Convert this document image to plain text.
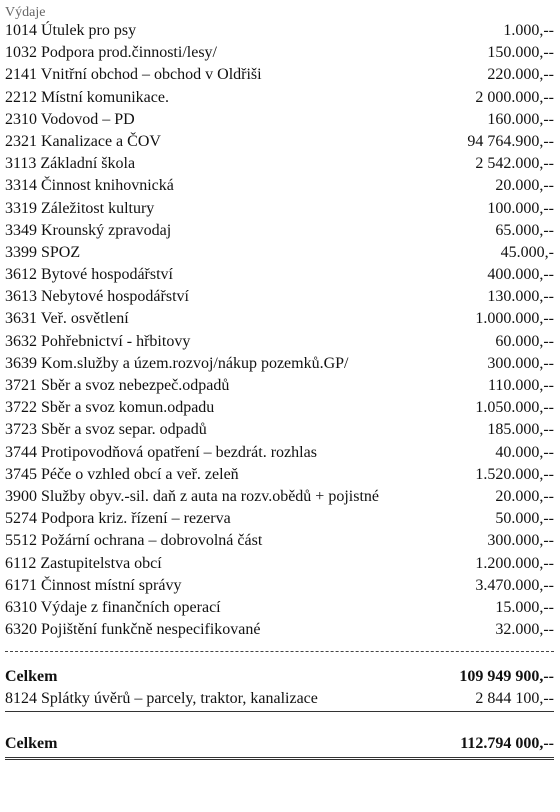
Výdaje
1014 Útulek pro psy	1.000,--
1032 Podpora prod.činnosti/lesy/	150.000,--
2141 Vnitřní obchod – obchod v Oldřiši	220.000,--
2212 Místní komunikace.	2 000.000,--
2310 Vodovod – PD	160.000,--
2321 Kanalizace a ČOV	94 764.900,--
3113 Základní škola	2 542.000,--
3314 Činnost knihovnická	20.000,--
3319 Záležitost kultury	100.000,--
3349 Krounský zpravodaj	65.000,--
3399 SPOZ	45.000,-
3612 Bytové hospodářství	400.000,--
3613 Nebytové hospodářství	130.000,--
3631 Veř. osvětlení	1.000.000,--
3632 Pohřebnictví - hřbitovy	60.000,--
3639 Kom.služby a územ.rozvoj/nákup pozemků.GP/	300.000,--
3721 Sběr a svoz nebezpeč.odpadů	110.000,--
3722 Sběr a svoz komun.odpadu	1.050.000,--
3723 Sběr a svoz separ. odpadů	185.000,--
3744 Protipovodňová opatření – bezdrát. rozhlas	40.000,--
3745 Péče o vzhled obcí a veř. zeleň	1.520.000,--
3900 Služby obyv.-sil. daň z auta na rozv.obědů + pojistné	20.000,--
5274 Podpora kriz. řízení – rezerva	50.000,--
5512 Požární ochrana – dobrovolná část	300.000,--
6112 Zastupitelstva obcí	1.200.000,--
6171 Činnost místní správy	3.470.000,--
6310 Výdaje z finančních operací	15.000,--
6320 Pojištění funkčně nespecifikované	32.000,--
Celkem	109 949 900,--
8124 Splátky úvěrů – parcely, traktor, kanalizace	2 844 100,--
Celkem	112.794 000,--
